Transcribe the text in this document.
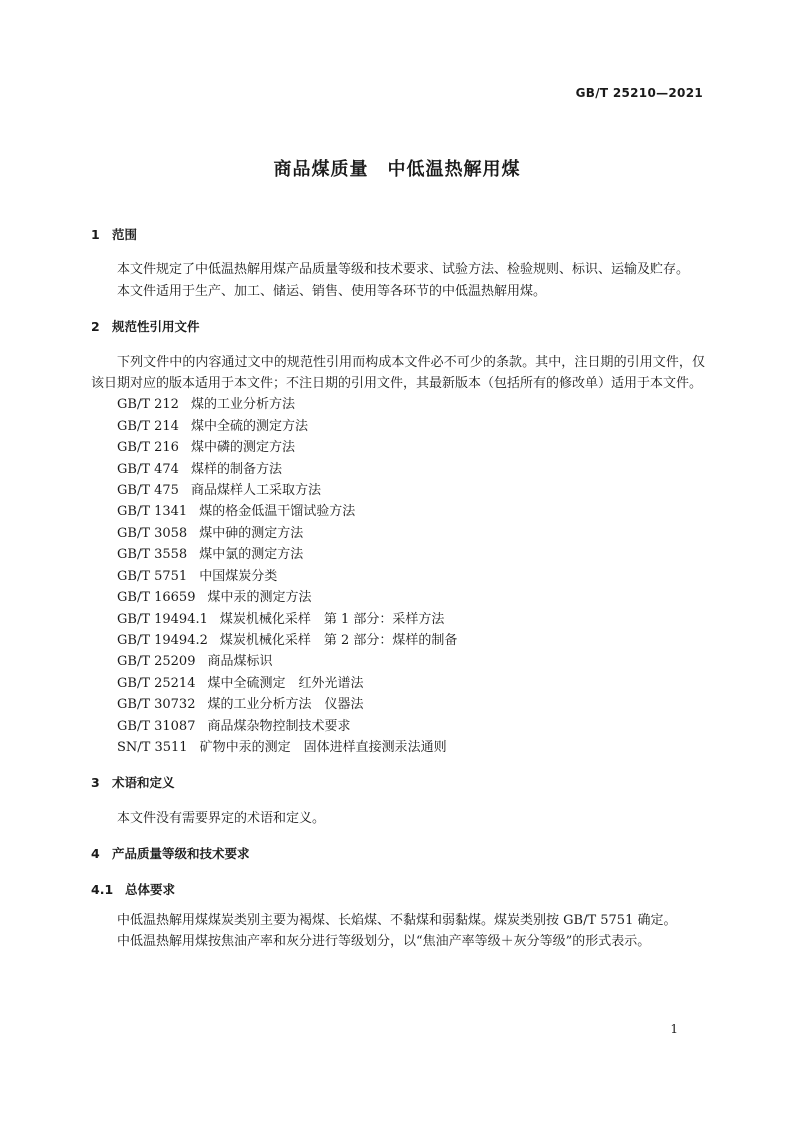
GB/T 25210—2021
商品煤质量　中低温热解用煤
1 范围

本文件规定了中低温热解用煤产品质量等级和技术要求、试验方法、检验规则、标识、运输及贮存。

本文件适用于生产、加工、储运、销售、使用等各环节的中低温热解用煤。

2 规范性引用文件

下列文件中的内容通过文中的规范性引用而构成本文件必不可少的条款。其中，注日期的引用文件，仅该日期对应的版本适用于本文件；不注日期的引用文件，其最新版本（包括所有的修改单）适用于本文件。

GB/T 212 煤的工业分析方法
GB/T 214 煤中全硫的测定方法
GB/T 216 煤中磷的测定方法
GB/T 474 煤样的制备方法
GB/T 475 商品煤样人工采取方法
GB/T 1341 煤的格金低温干馏试验方法
GB/T 3058 煤中砷的测定方法
GB/T 3558 煤中氯的测定方法
GB/T 5751 中国煤炭分类
GB/T 16659 煤中汞的测定方法
GB/T 19494.1 煤炭机械化采样　第 1 部分：采样方法
GB/T 19494.2 煤炭机械化采样　第 2 部分：煤样的制备
GB/T 25209 商品煤标识
GB/T 25214 煤中全硫测定　红外光谱法
GB/T 30732 煤的工业分析方法　仪器法
GB/T 31087 商品煤杂物控制技术要求
SN/T 3511 矿物中汞的测定　固体进样直接测汞法通则
3 术语和定义

本文件没有需要界定的术语和定义。

4 产品质量等级和技术要求
4.1 总体要求

中低温热解用煤煤炭类别主要为褐煤、长焰煤、不黏煤和弱黏煤。煤炭类别按 GB/T 5751 确定。

中低温热解用煤按焦油产率和灰分进行等级划分，以“焦油产率等级＋灰分等级”的形式表示。

1
